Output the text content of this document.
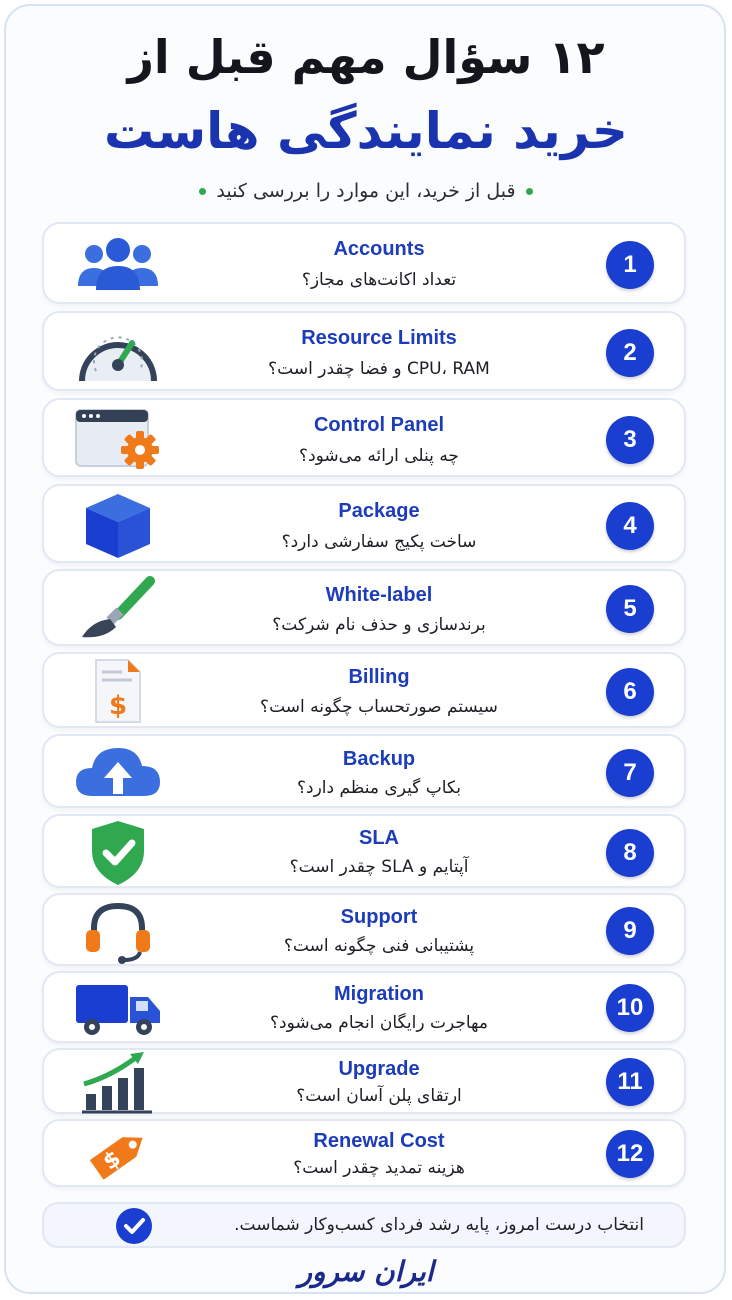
۱۲ سؤال مهم قبل از
خرید نمایندگی هاست
قبل از خرید، این موارد را بررسی کنید
Accounts
تعداد اکانت‌های مجاز؟
1
Resource Limits
CPU، RAM و فضا چقدر است؟
2
Control Panel
چه پنلی ارائه می‌شود؟
3
Package
ساخت پکیج سفارشی دارد؟
4
White-label
برندسازی و حذف نام شرکت؟
5
$
Billing
سیستم صورتحساب چگونه است؟
6
Backup
بکاپ گیری منظم دارد؟
7
SLA
آپتایم و SLA چقدر است؟
8
Support
پشتیبانی فنی چگونه است؟
9
Migration
مهاجرت رایگان انجام می‌شود؟
10
Upgrade
ارتقای پلن آسان است؟
11
$
Renewal Cost
هزینه تمدید چقدر است؟
12
انتخاب درست امروز، پایه رشد فردای کسب‌وکار شماست.
ایران سرور
